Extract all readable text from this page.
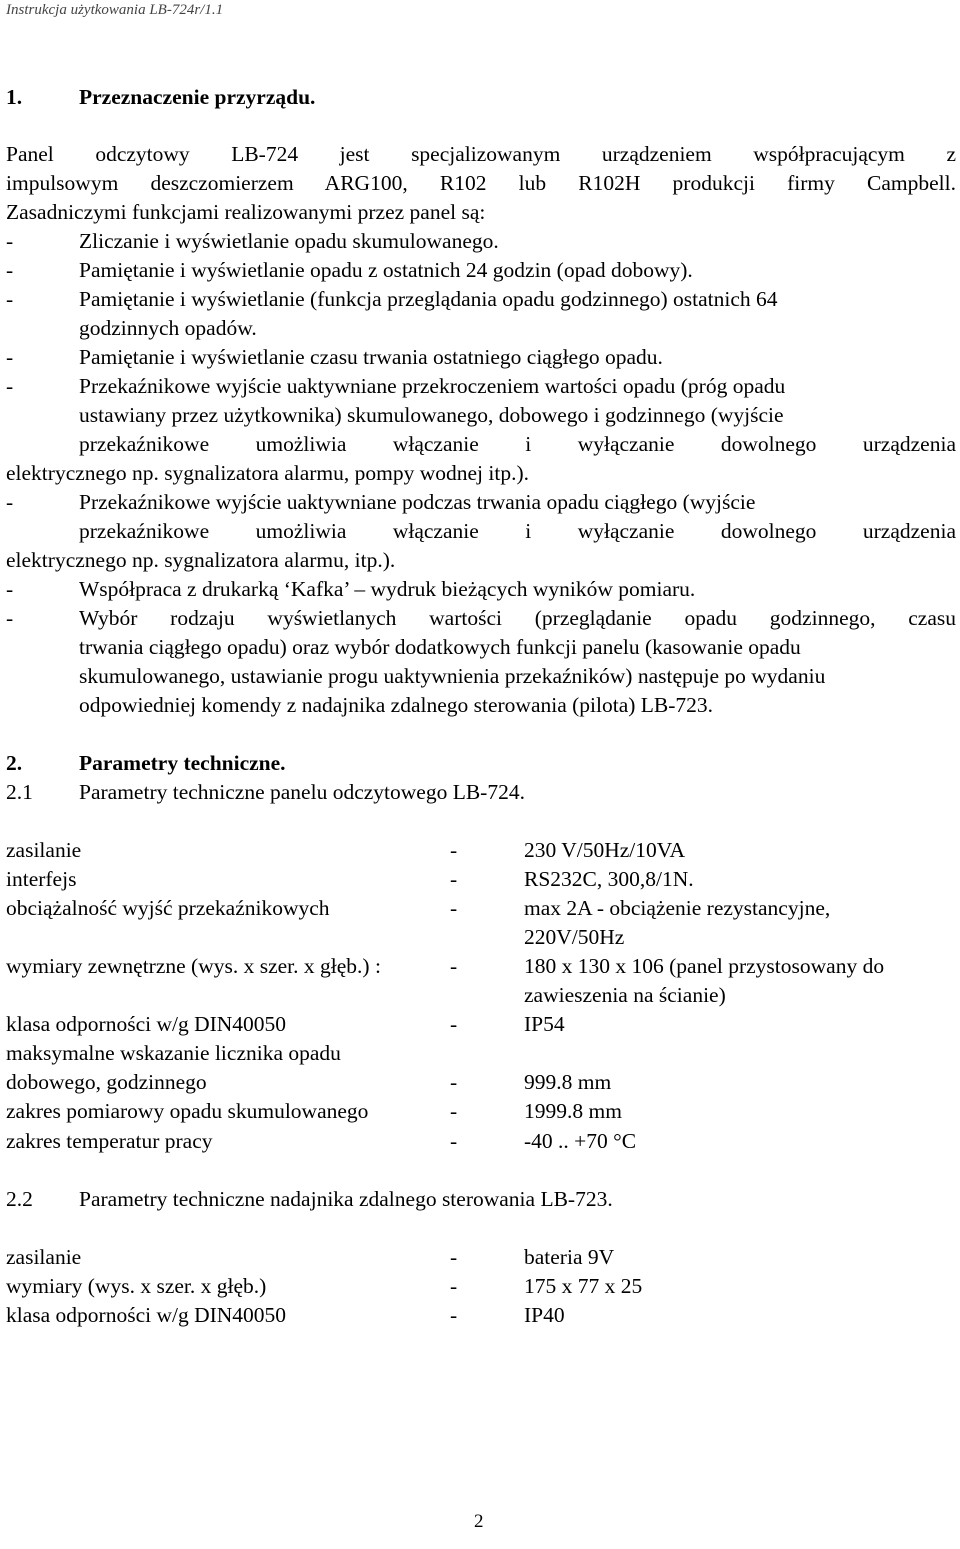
Instrukcja użytkowania LB-724r/1.1
1.	Przeznaczenie przyrządu.
Panel odczytowy LB-724 jest specjalizowanym urządzeniem współpracującym z
impulsowym deszczomierzem ARG100, R102 lub R102H produkcji firmy Campbell.
Zasadniczymi funkcjami realizowanymi przez panel są:
-	Zliczanie i wyświetlanie opadu skumulowanego.
-	Pamiętanie i wyświetlanie opadu z ostatnich 24 godzin (opad dobowy).
-	Pamiętanie i wyświetlanie (funkcja przeglądania opadu godzinnego) ostatnich 64
godzinnych opadów.
-	Pamiętanie i wyświetlanie czasu trwania ostatniego ciągłego opadu.
-	Przekaźnikowe wyjście uaktywniane przekroczeniem wartości opadu (próg opadu
ustawiany przez użytkownika) skumulowanego, dobowego i godzinnego (wyjście
przekaźnikowe umożliwia włączanie i wyłączanie dowolnego urządzenia
elektrycznego np. sygnalizatora alarmu, pompy wodnej itp.).
-	Przekaźnikowe wyjście uaktywniane podczas trwania opadu ciągłego (wyjście
przekaźnikowe umożliwia włączanie i wyłączanie dowolnego urządzenia
elektrycznego np. sygnalizatora alarmu, itp.).
-	Współpraca z drukarką ‘Kafka’ – wydruk bieżących wyników pomiaru.
-	Wybór rodzaju wyświetlanych wartości (przeglądanie opadu godzinnego, czasu
trwania ciągłego opadu) oraz wybór dodatkowych funkcji panelu (kasowanie opadu
skumulowanego, ustawianie progu uaktywnienia przekaźników) następuje po wydaniu
odpowiedniej komendy z nadajnika zdalnego sterowania (pilota) LB-723.
2.	Parametry techniczne.
2.1 Parametry techniczne panelu odczytowego LB-724.
zasilanie	-	230 V/50Hz/10VA
interfejs	-	RS232C, 300,8/1N.
obciążalność wyjść przekaźnikowych	-	max 2A - obciążenie rezystancyjne,
220V/50Hz
wymiary zewnętrzne (wys. x szer. x głęb.) :	-	180 x 130 x 106 (panel przystosowany do
zawieszenia na ścianie)
klasa odporności w/g DIN40050	-	IP54
maksymalne wskazanie licznika opadu
dobowego, godzinnego	-	999.8 mm
zakres pomiarowy opadu skumulowanego	-	1999.8 mm
zakres temperatur pracy	-	-40 .. +70 °C
2.2 Parametry techniczne nadajnika zdalnego sterowania LB-723.
zasilanie	-	bateria 9V
wymiary (wys. x szer. x głęb.)	-	175 x 77 x 25
klasa odporności w/g DIN40050	-	IP40
2
